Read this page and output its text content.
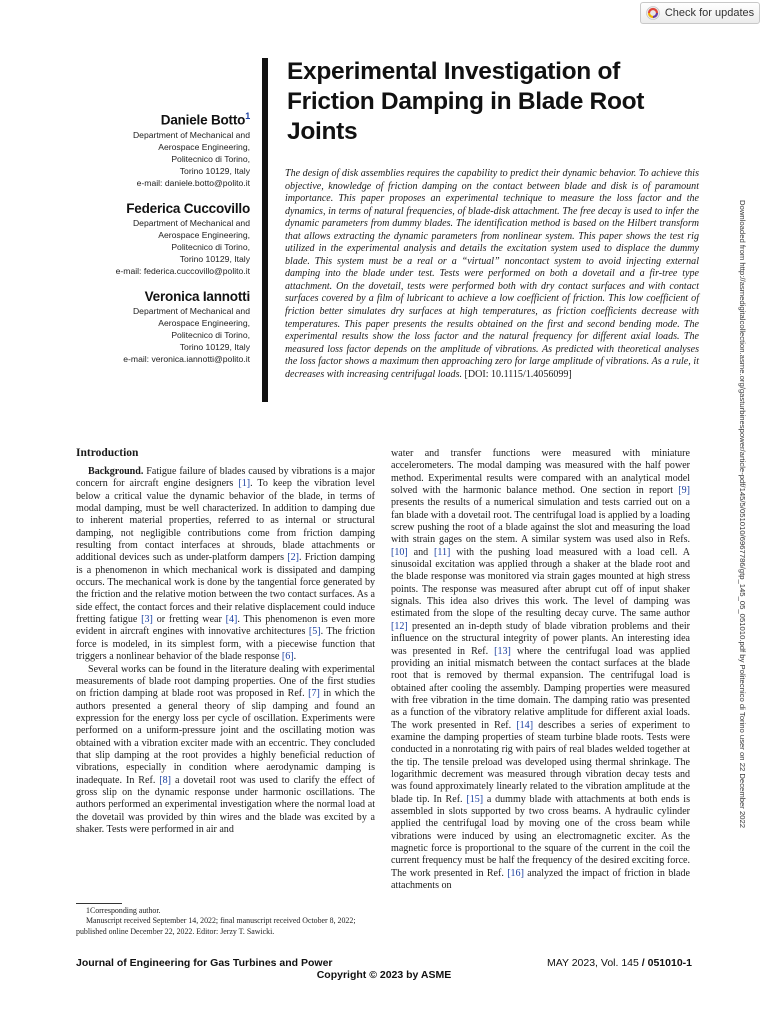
Check for updates
Daniele Botto$^1$
Department of Mechanical and
Aerospace Engineering,
Politecnico di Torino,
Torino 10129, Italy
e-mail: daniele.botto@polito.it
Federica Cuccovillo
Department of Mechanical and
Aerospace Engineering,
Politecnico di Torino,
Torino 10129, Italy
e-mail: federica.cuccovillo@polito.it
Veronica Iannotti
Department of Mechanical and
Aerospace Engineering,
Politecnico di Torino,
Torino 10129, Italy
e-mail: veronica.iannotti@polito.it
Experimental Investigation of Friction Damping in Blade Root Joints

The design of disk assemblies requires the capability to predict their dynamic behavior. To achieve this objective, knowledge of friction damping on the contact between blade and disk is of paramount importance. This paper proposes an experimental technique to measure the loss factor and the dynamics, in terms of natural frequencies, of blade-disk attachment. The free decay is used to infer the dynamic parameters from dummy blades. The identification method is based on the Hilbert transform that allows extracting the dynamic parameters from nonlinear system. This paper shows the test rig utilized in the experimental analysis and details the excitation system used to displace the dummy blade. This system must be a real or a “virtual” noncontact system to avoid injecting external damping into the blade under test. Tests were performed on both a dovetail and a fir-tree type attachment. On the dovetail, tests were performed both with dry contact surfaces and with contact surfaces covered by a film of lubricant to achieve a low coefficient of friction. This low coefficient of friction better simulates dry surfaces at high temperatures, as friction coefficients decrease with temperatures. This paper presents the results obtained on the first and second bending mode. The experimental results show the loss factor and the natural frequency for different axial loads. The measured loss factor depends on the amplitude of vibrations. As predicted with theoretical analyses the loss factor shows a maximum then approaching zero for large amplitude of vibrations. As a rule, it decreases with increasing centrifugal loads. [DOI: 10.1115/1.4056099]	Downloaded from http://asmedigitalcollection.asme.org/gasturbinespower/article-pdf/145/5/051010/6967786/gtp_145_05_051010.pdf by Politecnico di Torino user on 22 December 2022
Introduction

Background. Fatigue failure of blades caused by vibrations is a major concern for aircraft engine designers [1]. To keep the vibration level below a critical value the dynamic behavior of the blade, in terms of modal damping, must be well characterized. In addition to damping due to inherent material properties, referred to as internal or structural damping, not negligible contributions come from friction damping resulting from contact interfaces at shrouds, blade attachments or additional devices such as under-platform dampers [2]. Friction damping is a phenomenon in which mechanical work is dissipated and damping occurs. The mechanical work is done by the tangential force generated by the friction and the relative motion between the two contact surfaces. As a side effect, the contact forces and their relative displacement could induce fretting fatigue [3] or fretting wear [4]. This phenomenon is even more evident in aircraft engines with innovative architectures [5]. The friction force is modeled, in its simplest form, with a piecewise function that triggers a nonlinear behavior of the blade response [6].

Several works can be found in the literature dealing with experimental measurements of blade root damping properties. One of the first studies on friction damping at blade root was proposed in Ref. [7] in which the authors presented a general theory of slip damping and found an expression for the energy loss per cycle of oscillation. Experiments were performed on a uniform-pressure joint and the oscillating motion was obtained with a vibration exciter made with an eccentric. They concluded that slip damping at the root provides a highly beneficial reduction of vibrations, especially in condition where aerodynamic damping is inadequate. In Ref. [8] a dovetail root was used to clarify the effect of gross slip on the dynamic response under harmonic oscillations. The authors performed an experimental investigation where the normal load at the dovetail was provided by thin wires and the blade was excited by a shaker. Tests were performed in air and

water and transfer functions were measured with miniature accelerometers. The modal damping was measured with the half power method. Experimental results were compared with an analytical model solved with the harmonic balance method. One section in report [9] presents the results of a numerical simulation and tests carried out on a fan blade with a dovetail root. The centrifugal load is applied by a loading screw pushing the root of a blade against the slot and measuring the load with strain gages on the stem. A similar system was used also in Refs. [10] and [11] with the pushing load measured with a load cell. A sinusoidal excitation was applied through a shaker at the blade root and the blade response was monitored via strain gages mounted at high stress points. The response was measured after abrupt cut off of input shaker signals. This idea also drives this work. The level of damping was estimated from the slope of the resulting decay curve. The same author [12] presented an in-depth study of blade vibration problems and their influence on the structural integrity of power plants. An interesting idea was presented in Ref. [13] where the centrifugal load was applied providing an initial mismatch between the contact surfaces at the blade root that is removed by thermal expansion. The centrifugal load is obtained after cooling the assembly. Damping properties were measured with free vibration in the time domain. The damping ratio was presented as a function of the vibratory relative amplitude for different axial loads. The work presented in Ref. [14] describes a series of experiment to examine the damping properties of steam turbine blade roots. Tests were conducted in a nonrotating rig with pairs of real blades welded together at the tip. The tensile preload was developed using thermal shrinkage. The logarithmic decrement was measured through vibration decay tests and was found approximately linearly related to the vibration amplitude at the blade tip. In Ref. [15] a dummy blade with attachments at both ends is assembled in slots supported by two cross beams. A hydraulic cylinder applied the centrifugal load by moving one of the cross beam while vibrations were induced by using an electromagnetic exciter. As the magnetic force is proportional to the square of the current in the coil the current frequency must be half the frequency of the desired exciting force. The work presented in Ref. [16] analyzed the impact of friction in blade attachments on

1Corresponding author.

Manuscript received September 14, 2022; final manuscript received October 8, 2022; published online December 22, 2022. Editor: Jerzy T. Sawicki.

Journal of Engineering for Gas Turbines and Power	MAY 2023, Vol. 145 / 051010-1
Copyright © 2023 by ASME
